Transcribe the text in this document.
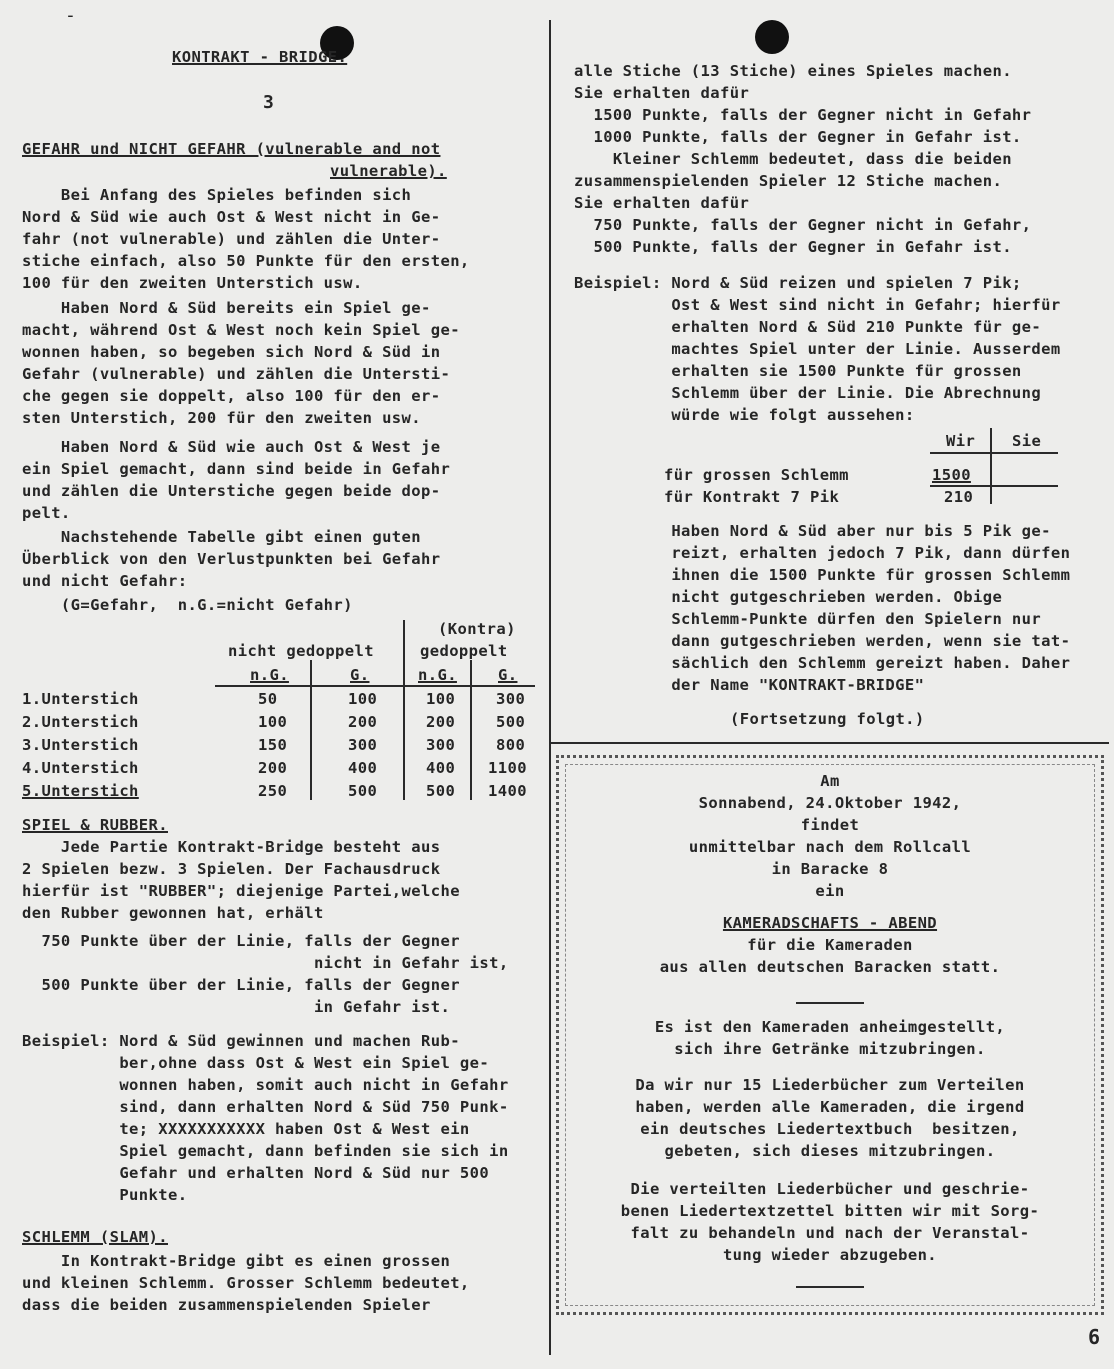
-
KONTRAKT - BRIDGE.
3
GEFAHR und NICHT GEFAHR (vulnerable and not
vulnerable).
Bei Anfang des Spieles befinden sich
Nord & Süd wie auch Ost & West nicht in Ge-
fahr (not vulnerable) und zählen die Unter-
stiche einfach, also 50 Punkte für den ersten,
100 für den zweiten Unterstich usw.
Haben Nord & Süd bereits ein Spiel ge-
macht, während Ost & West noch kein Spiel ge-
wonnen haben, so begeben sich Nord & Süd in
Gefahr (vulnerable) und zählen die Untersti-
che gegen sie doppelt, also 100 für den er-
sten Unterstich, 200 für den zweiten usw.
Haben Nord & Süd wie auch Ost & West je
ein Spiel gemacht, dann sind beide in Gefahr
und zählen die Unterstiche gegen beide dop-
pelt.
Nachstehende Tabelle gibt einen guten
Überblick von den Verlustpunkten bei Gefahr
und nicht Gefahr:
(G=Gefahr,  n.G.=nicht Gefahr)
(Kontra)
nicht gedoppelt	gedoppelt
n.G.	G.	n.G.	G.
1.Unterstich	50	100	100	300
2.Unterstich	100	200	200	500
3.Unterstich	150	300	300	800
4.Unterstich	200	400	400 1100
5.Unterstich	250	500	500 1400
SPIEL & RUBBER.
Jede Partie Kontrakt-Bridge besteht aus
2 Spielen bezw. 3 Spielen. Der Fachausdruck
hierfür ist "RUBBER"; diejenige Partei,welche
den Rubber gewonnen hat, erhält
750 Punkte über der Linie, falls der Gegner
nicht in Gefahr ist,
500 Punkte über der Linie, falls der Gegner
in Gefahr ist.
Beispiel: Nord & Süd gewinnen und machen Rub-
ber,ohne dass Ost & West ein Spiel ge-
wonnen haben, somit auch nicht in Gefahr
sind, dann erhalten Nord & Süd 750 Punk-
te; XXXXXXXXXXX haben Ost & West ein
Spiel gemacht, dann befinden sie sich in
Gefahr und erhalten Nord & Süd nur 500
Punkte.
SCHLEMM (SLAM).
In Kontrakt-Bridge gibt es einen grossen
und kleinen Schlemm. Grosser Schlemm bedeutet,
dass die beiden zusammenspielenden Spieler
alle Stiche (13 Stiche) eines Spieles machen.
Sie erhalten dafür
1500 Punkte, falls der Gegner nicht in Gefahr
1000 Punkte, falls der Gegner in Gefahr ist.
Kleiner Schlemm bedeutet, dass die beiden
zusammenspielenden Spieler 12 Stiche machen.
Sie erhalten dafür
750 Punkte, falls der Gegner nicht in Gefahr,
500 Punkte, falls der Gegner in Gefahr ist.
Beispiel: Nord & Süd reizen und spielen 7 Pik;
Ost & West sind nicht in Gefahr; hierfür
erhalten Nord & Süd 210 Punkte für ge-
machtes Spiel unter der Linie. Ausserdem
erhalten sie 1500 Punkte für grossen
Schlemm über der Linie. Die Abrechnung
würde wie folgt aussehen:
Wir Sie
für grossen Schlemm	1500
für Kontrakt 7 Pik	210
Haben Nord & Süd aber nur bis 5 Pik ge-
reizt, erhalten jedoch 7 Pik, dann dürfen
ihnen die 1500 Punkte für grossen Schlemm
nicht gutgeschrieben werden. Obige
Schlemm-Punkte dürfen den Spielern nur
dann gutgeschrieben werden, wenn sie tat-
sächlich den Schlemm gereizt haben. Daher
der Name "KONTRAKT-BRIDGE"
(Fortsetzung folgt.)
Am
Sonnabend, 24.Oktober 1942,
findet
unmittelbar nach dem Rollcall
in Baracke 8
ein
KAMERADSCHAFTS - ABEND
für die Kameraden
aus allen deutschen Baracken statt.
Es ist den Kameraden anheimgestellt,
sich ihre Getränke mitzubringen.
Da wir nur 15 Liederbücher zum Verteilen
haben, werden alle Kameraden, die irgend
ein deutsches Liedertextbuch  besitzen,
gebeten, sich dieses mitzubringen.
Die verteilten Liederbücher und geschrie-
benen Liedertextzettel bitten wir mit Sorg-
falt zu behandeln und nach der Veranstal-
tung wieder abzugeben.
6
